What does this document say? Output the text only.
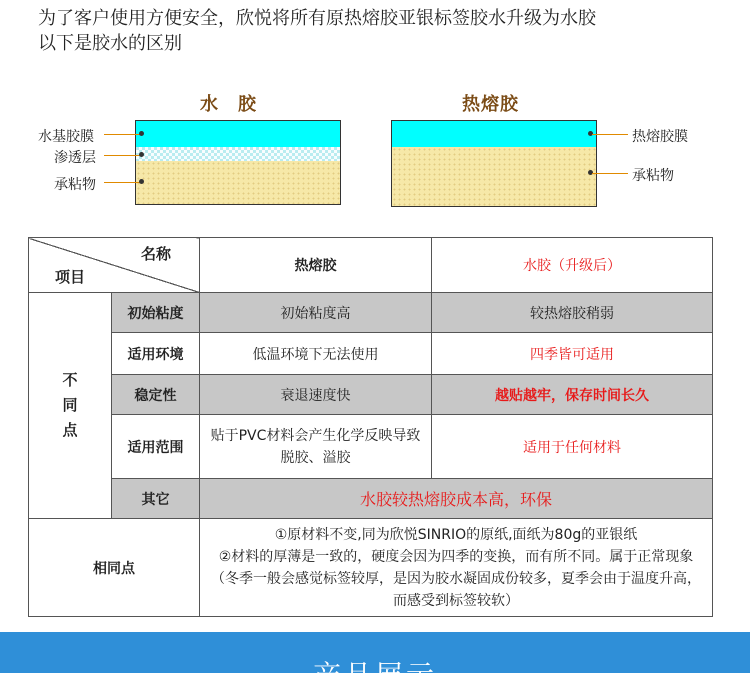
为了客户使用方便安全，欣悦将所有原热熔胶亚银标签胶水升级为水胶
以下是胶水的区别
水　胶
水基胶膜
渗透层
承粘物
热熔胶
热熔胶膜
承粘物
名称
项目		热熔胶	水胶（升级后）

不同点	初始粘度	初始粘度高	较热熔胶稍弱
	适用环境	低温环境下无法使用	四季皆可适用
	稳定性	衰退速度快	越贴越牢，保存时间长久
	适用范围	贴于PVC材料会产生化学反映导致脱胶、溢胶	适用于任何材料
	其它	水胶较热熔胶成本高，环保	
相同点		①原材料不变,同为欣悦SINRIO的原纸,面纸为80g的亚银纸
②材料的厚薄是一致的，硬度会因为四季的变换，而有所不同。属于正常现象（冬季一般会感觉标签较厚，是因为胶水凝固成份较多，夏季会由于温度升高，而感受到标签较软）	
产品展示
